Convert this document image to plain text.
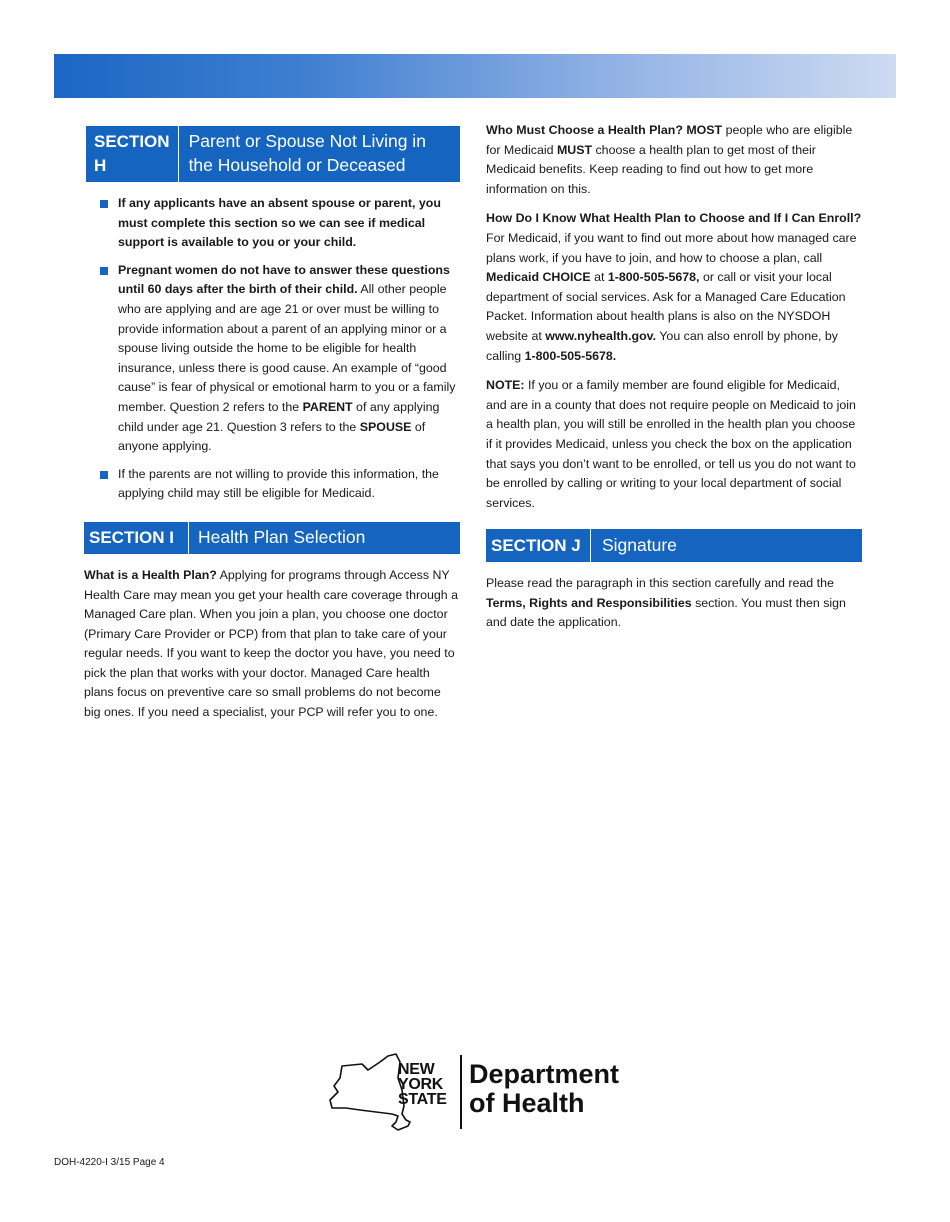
SECTION H
Parent or Spouse Not Living in the Household or Deceased
If any applicants have an absent spouse or parent, you must complete this section so we can see if medical support is available to you or your child.
Pregnant women do not have to answer these questions until 60 days after the birth of their child. All other people who are applying and are age 21 or over must be willing to provide information about a parent of an applying minor or a spouse living outside the home to be eligible for health insurance, unless there is good cause. An example of “good cause” is fear of physical or emotional harm to you or a family member. Question 2 refers to the PARENT of any applying child under age 21. Question 3 refers to the SPOUSE of anyone applying.
If the parents are not willing to provide this information, the applying child may still be eligible for Medicaid.
SECTION I	Health Plan Selection

What is a Health Plan? Applying for programs through Access NY Health Care may mean you get your health care coverage through a Managed Care plan. When you join a plan, you choose one doctor (Primary Care Provider or PCP) from that plan to take care of your regular needs. If you want to keep the doctor you have, you need to pick the plan that works with your doctor. Managed Care health plans focus on preventive care so small problems do not become big ones. If you need a specialist, your PCP will refer you to one.

Who Must Choose a Health Plan? MOST people who are eligible for Medicaid MUST choose a health plan to get most of their Medicaid benefits. Keep reading to find out how to get more information on this.

How Do I Know What Health Plan to Choose and If I Can Enroll? For Medicaid, if you want to find out more about how managed care plans work, if you have to join, and how to choose a plan, call Medicaid CHOICE at 1-800-505-5678, or call or visit your local department of social services. Ask for a Managed Care Education Packet. Information about health plans is also on the NYSDOH website at www.nyhealth.gov. You can also enroll by phone, by calling 1-800-505-5678.

NOTE: If you or a family member are found eligible for Medicaid, and are in a county that does not require people on Medicaid to join a health plan, you will still be enrolled in the health plan you choose if it provides Medicaid, unless you check the box on the application that says you don’t want to be enrolled, or tell us you do not want to be enrolled by calling or writing to your local department of social services.

SECTION J	Signature

Please read the paragraph in this section carefully and read the Terms, Rights and Responsibilities section. You must then sign and date the application.

NEW
YORK
STATE
Department
of Health
DOH-4220-I 3/15 Page 4
